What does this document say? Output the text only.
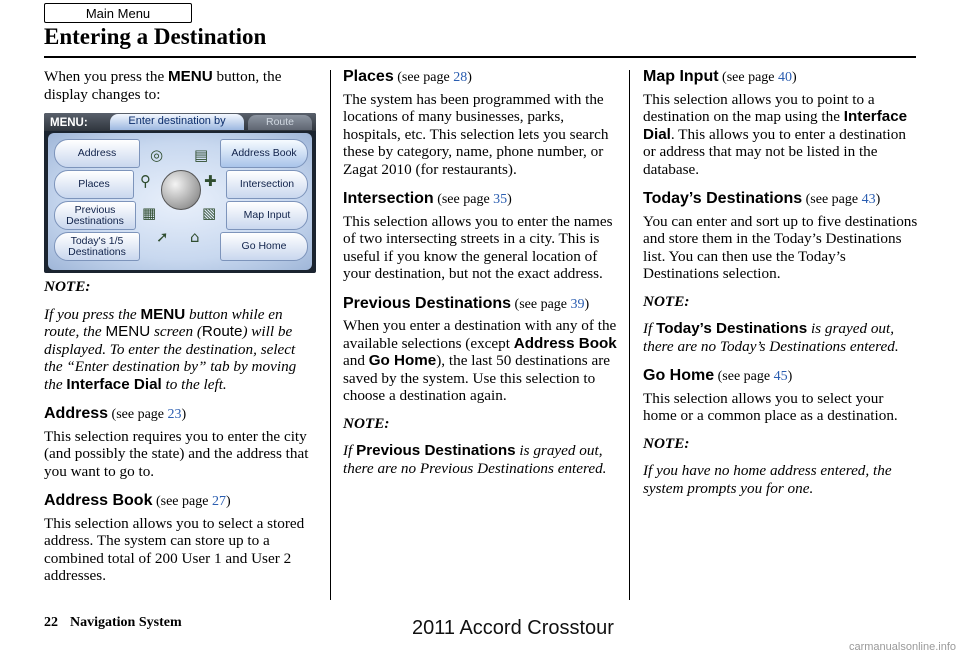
Main Menu
Entering a Destination

When you press the MENU button, the display changes to:

MENU:	Enter destination by	Route
Address
Places
Previous Destinations
Today's 1/5 Destinations
Address Book
Intersection
Map Input
Go Home
◎ ▤
⚲	✚
▦	▧
➚ ⌂

NOTE:

If you press the MENU button while en route, the MENU screen (Route) will be displayed. To enter the destination, select the “Enter destination by” tab by moving the Interface Dial to the left.

Address (see page 23)

This selection requires you to enter the city (and possibly the state) and the address that you want to go to.

Address Book (see page 27)

This selection allows you to select a stored address. The system can store up to a combined total of 200 User 1 and User 2 addresses.

Places (see page 28)

The system has been programmed with the locations of many businesses, parks, hospitals, etc. This selection lets you search these by category, name, phone number, or Zagat 2010 (for restaurants).

Intersection (see page 35)

This selection allows you to enter the names of two intersecting streets in a city. This is useful if you know the general location of your destination, but not the exact address.

Previous Destinations (see page 39)

When you enter a destination with any of the available selections (except Address Book and Go Home), the last 50 destinations are saved by the system. Use this selection to choose a destination again.

NOTE:

If Previous Destinations is grayed out, there are no Previous Destinations entered.

Map Input (see page 40)

This selection allows you to point to a destination on the map using the Interface Dial. This allows you to enter a destination or address that may not be listed in the database.

Today’s Destinations (see page 43)

You can enter and sort up to five destinations and store them in the Today’s Destinations list. You can then use the Today’s Destinations selection.

NOTE:

If Today’s Destinations is grayed out, there are no Today’s Destinations entered.

Go Home (see page 45)

This selection allows you to select your home or a common place as a destination.

NOTE:

If you have no home address entered, the system prompts you for one.

22 Navigation System	2011 Accord Crosstour
carmanualsonline.info
